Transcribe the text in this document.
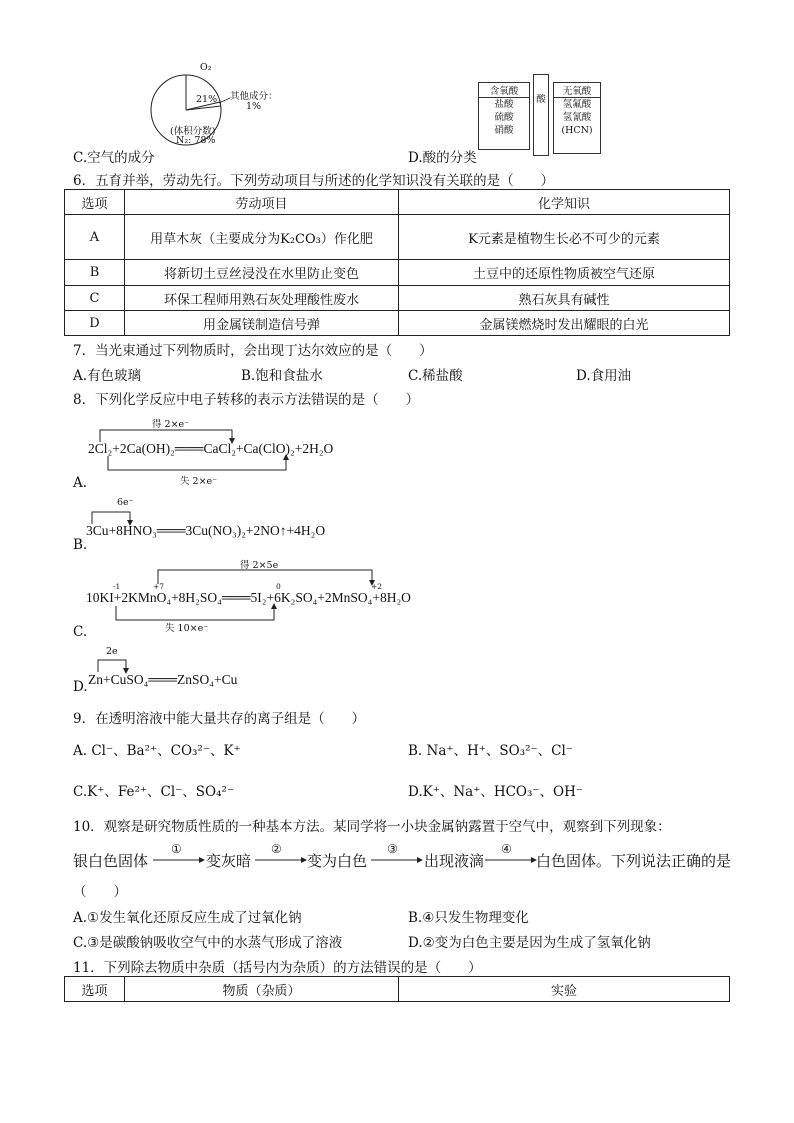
O₂
21% 其他成分：
1%
(体积分数)
N₂: 78%
C.空气的成分
含氧酸
盐酸
硫酸
硝酸
酸
无氧酸
氢氟酸
氢氰酸
(HCN)
D.酸的分类
6．五育并举，劳动先行。下列劳动项目与所述的化学知识没有关联的是（　　）
选项	劳动项目	化学知识
A	用草木灰（主要成分为K₂CO₃）作化肥	K元素是植物生长必不可少的元素
B	将新切土豆丝浸没在水里防止变色	土豆中的还原性物质被空气还原
C	环保工程师用熟石灰处理酸性废水	熟石灰具有碱性
D	用金属镁制造信号弹	金属镁燃烧时发出耀眼的白光
7．当光束通过下列物质时，会出现丁达尔效应的是（　　）
A.有色玻璃	B.饱和食盐水	C.稀盐酸	D.食用油
8．下列化学反应中电子转移的表示方法错误的是（　　）
得 2×e⁻
2Cl₂+2Ca(OH)₂═══CaCl₂+Ca(ClO)₂+2H₂O
失 2×e⁻
A.
6e⁻
3Cu+8HNO₃═══3Cu(NO₃)₂+2NO↑+4H₂O
B.
得 2×5e
-1	+7	0	+2
10KI+2KMnO₄+8H₂SO₄═══5I₂+6K₂SO₄+2MnSO₄+8H₂O
失 10×e⁻
C.
2e
Zn+CuSO₄═══ZnSO₄+Cu
D.
9．在透明溶液中能大量共存的离子组是（　　）
A. Cl⁻、Ba²⁺、CO₃²⁻、K⁺	B. Na⁺、H⁺、SO₃²⁻、Cl⁻
C.K⁺、Fe²⁺、Cl⁻、SO₄²⁻	D.K⁺、Na⁺、HCO₃⁻、OH⁻
10．观察是研究物质性质的一种基本方法。某同学将一小块金属钠露置于空气中，观察到下列现象：
银白色固体
①
变灰暗
②
变为白色
③
出现液滴
④
白色固体。下列说法正确的是
（　　）
A.①发生氧化还原反应生成了过氧化钠	B.④只发生物理变化
C.③是碳酸钠吸收空气中的水蒸气形成了溶液	D.②变为白色主要是因为生成了氢氧化钠
11．下列除去物质中杂质（括号内为杂质）的方法错误的是（　　）
选项	物质（杂质）	实验
